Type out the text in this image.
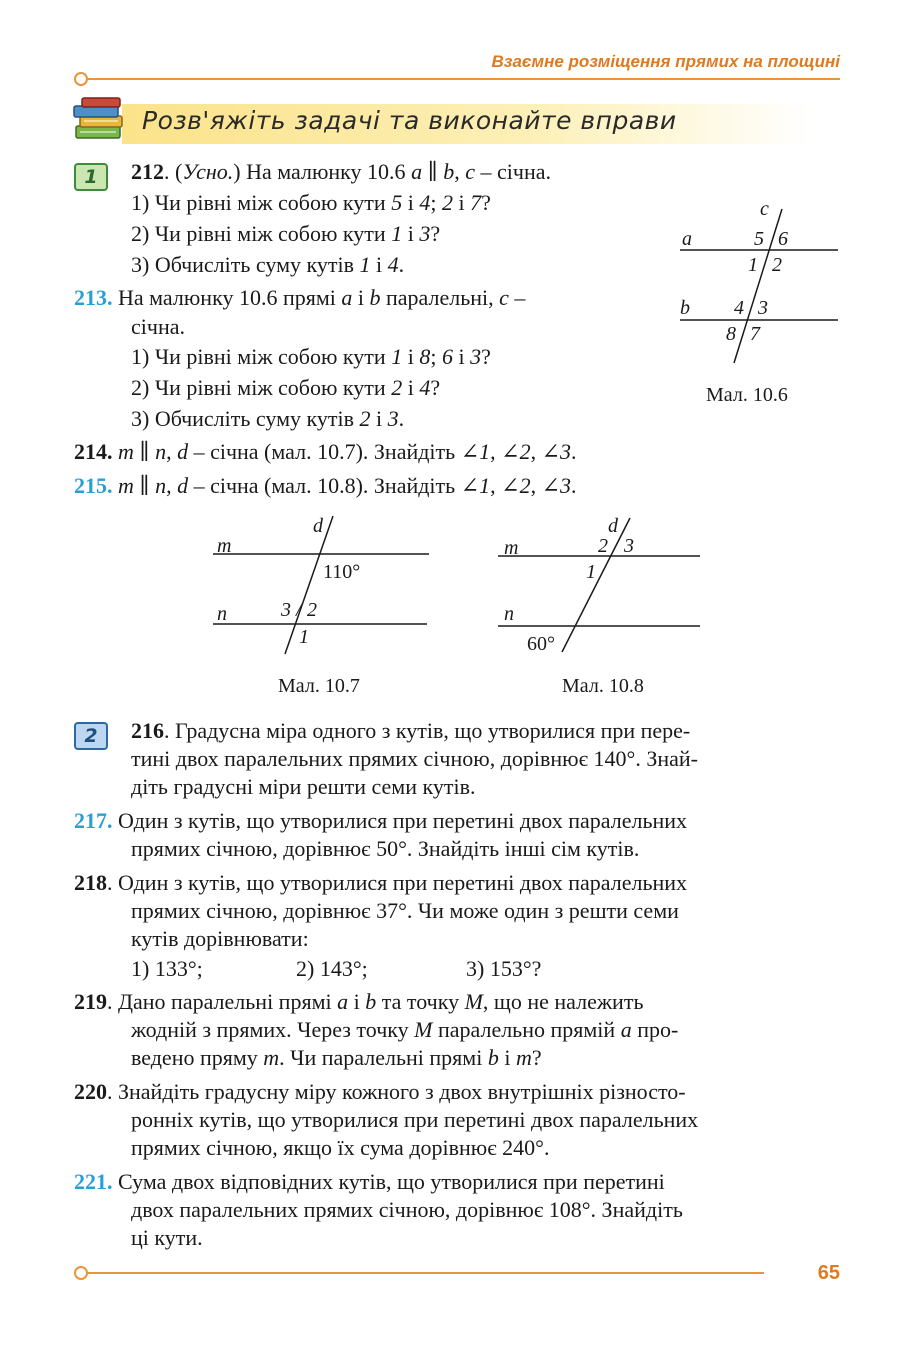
Взаємне розміщення прямих на площині
Розв'яжіть задачі та виконайте вправи
1	212. (Усно.) На малюнку 10.6 a ∥ b, c – січна.
1) Чи рівні між собою кути 5 і 4; 2 і 7?
2) Чи рівні між собою кути 1 і 3?
3) Обчисліть суму кутів 1 і 4.
213. На малюнку 10.6 прямі a і b паралельні, c –
січна.
1) Чи рівні між собою кути 1 і 8; 6 і 3?
2) Чи рівні між собою кути 2 і 4?
3) Обчисліть суму кутів 2 і 3.
c
a
b
5 6
1 2
4 3
8 7
Мал. 10.6
214. m ∥ n, d – січна (мал. 10.7). Знайдіть ∠1, ∠2, ∠3.
215. m ∥ n, d – січна (мал. 10.8). Знайдіть ∠1, ∠2, ∠3.
d
m
n
110°
3 / 2
1
Мал. 10.7
d
m
n
2 / 3
1
60°
Мал. 10.8
2	216. Градусна міра одного з кутів, що утворилися при пере-
тині двох паралельних прямих січною, дорівнює 140°. Знай-
діть градусні міри решти семи кутів.
217. Один з кутів, що утворилися при перетині двох паралельних
прямих січною, дорівнює 50°. Знайдіть інші сім кутів.
218. Один з кутів, що утворилися при перетині двох паралельних
прямих січною, дорівнює 37°. Чи може один з решти семи
кутів дорівнювати:
1) 133°;	2) 143°;	3) 153°?
219. Дано паралельні прямі a і b та точку M, що не належить
жодній з прямих. Через точку M паралельно прямій a про-
ведено пряму m. Чи паралельні прямі b і m?
220. Знайдіть градусну міру кожного з двох внутрішніх різносто-
ронніх кутів, що утворилися при перетині двох паралельних
прямих січною, якщо їх сума дорівнює 240°.
221. Сума двох відповідних кутів, що утворилися при перетині
двох паралельних прямих січною, дорівнює 108°. Знайдіть
ці кути.
65
